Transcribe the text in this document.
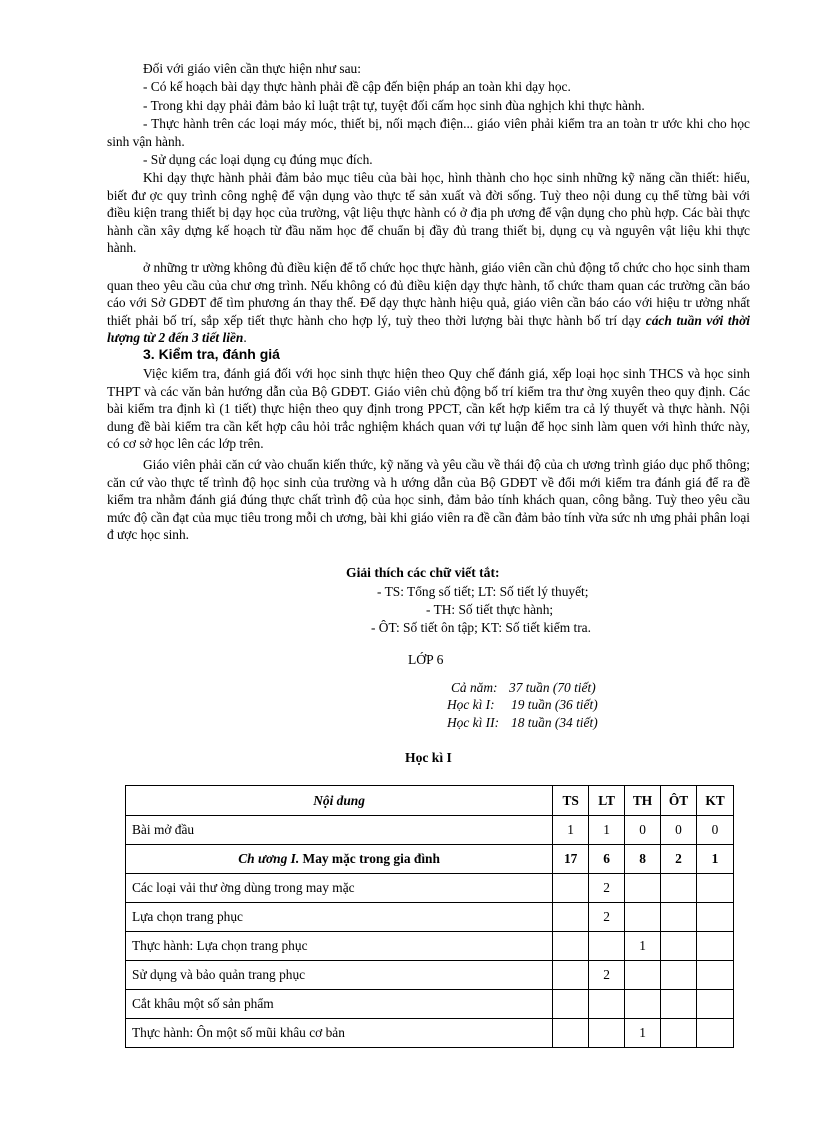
Đối với giáo viên cần thực hiện như sau:
- Có kế hoạch bài dạy thực hành phải đề cập đến biện pháp an toàn khi dạy học.
- Trong khi dạy phải đảm bảo kỉ luật trật tự, tuyệt đối cấm học sinh đùa nghịch khi thực hành.

- Thực hành trên các loại máy móc, thiết bị, nối mạch điện... giáo viên phải kiểm tra an toàn tr ước khi cho học sinh vận hành.

- Sử dụng các loại dụng cụ đúng mục đích.

Khi dạy thực hành phải đảm bảo mục tiêu của bài học, hình thành cho học sinh những kỹ năng cần thiết: hiểu, biết đư ợc quy trình công nghệ để vận dụng vào thực tế sản xuất và đời sống. Tuỳ theo nội dung cụ thể từng bài với điều kiện trang thiết bị dạy học của trường, vật liệu thực hành có ở địa ph ương để vận dụng cho phù hợp. Các bài thực hành cần xây dựng kế hoạch từ đầu năm học để chuẩn bị đầy đủ trang thiết bị, dụng cụ và nguyên vật liệu khi thực hành.

ở những tr ường không đủ điều kiện để tổ chức học thực hành, giáo viên cần chủ động tổ chức cho học sinh tham quan theo yêu cầu của chư ơng trình. Nếu không có đủ điều kiện dạy thực hành, tổ chức tham quan các trường cần báo cáo với Sở GDĐT để tìm phương án thay thế. Để dạy thực hành hiệu quả, giáo viên cần báo cáo với hiệu tr ưởng nhất thiết phải bố trí, sắp xếp tiết thực hành cho hợp lý, tuỳ theo thời lượng bài thực hành bố trí dạy cách tuần với thời lượng từ 2 đến 3 tiết liền.

3. Kiểm tra, đánh giá

Việc kiểm tra, đánh giá đối với học sinh thực hiện theo Quy chế đánh giá, xếp loại học sinh THCS và học sinh THPT và các văn bản hướng dẫn của Bộ GDĐT. Giáo viên chủ động bố trí kiểm tra thư ờng xuyên theo quy định. Các bài kiểm tra định kì (1 tiết) thực hiện theo quy định trong PPCT, cần kết hợp kiểm tra cả lý thuyết và thực hành. Nội dung đề bài kiểm tra cần kết hợp câu hỏi trắc nghiệm khách quan với tự luận để học sinh làm quen với hình thức này, có cơ sở học lên các lớp trên.

Giáo viên phải căn cứ vào chuẩn kiến thức, kỹ năng và yêu cầu về thái độ của ch ương trình giáo dục phổ thông; căn cứ vào thực tế trình độ học sinh của trường và h ướng dẫn của Bộ GDĐT về đổi mới kiểm tra đánh giá để ra đề kiểm tra nhằm đánh giá đúng thực chất trình độ của học sinh, đảm bảo tính khách quan, công bằng. Tuỳ theo yêu cầu mức độ cần đạt của mục tiêu trong mỗi ch ương, bài khi giáo viên ra đề cần đảm bảo tính vừa sức nh ưng phải phân loại đ ược học sinh.

Giải thích các chữ viết tắt:
- TS: Tổng số tiết; LT: Số tiết lý thuyết;
- TH: Số tiết thực hành;
- ÔT: Số tiết ôn tập; KT: Số tiết kiểm tra.
LỚP 6
Cả năm: 37 tuần (70 tiết)
Học kì I: 19 tuần (36 tiết)
Học kì II: 18 tuần (34 tiết)
Học kì I
Nội dung	TS	LT	TH	ÔT	KT
Bài mở đầu	1	1	0	0	0
Ch ương I. May mặc trong gia đình	17	6	8	2	1
Các loại vải thư ờng dùng trong may mặc		2			
Lựa chọn trang phục		2			
Thực hành: Lựa chọn trang phục			1		
Sử dụng và bảo quản trang phục		2			
Cắt khâu một số sản phẩm					
Thực hành: Ôn một số mũi khâu cơ bản			1		
